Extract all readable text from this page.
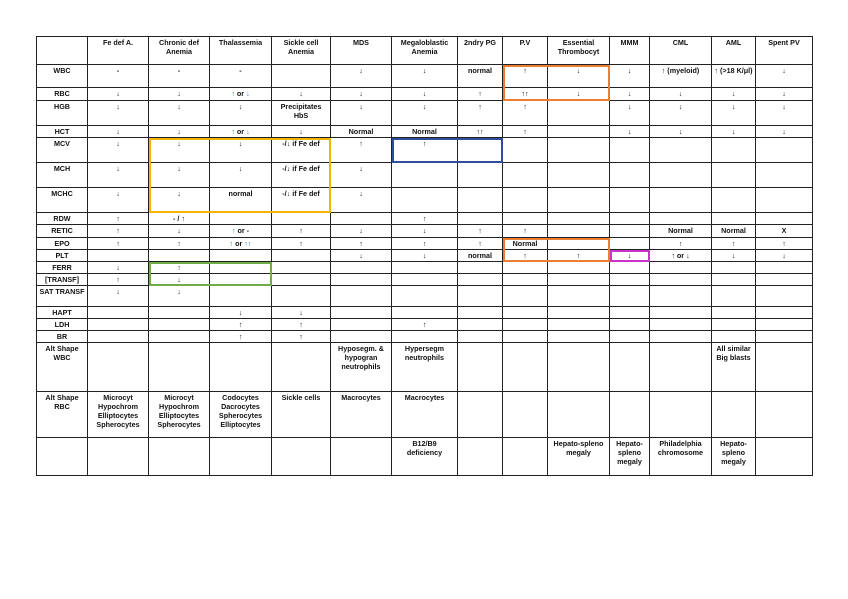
	Fe def A.	Chronic def Anemia	Thalassemia	Sickle cell Anemia	MDS	Megaloblastic Anemia	2ndry PG	P.V	Essential Thrombocyt	MMM	CML	AML	Spent PV
WBC	-	-	-		↓	↓	normal	↑	↓	↓	↑ (myeloid)	↑ (>18 K/μl)	↓
RBC	↓	↓	↑ or ↓	↓	↓	↓	↑	↑↑	↓	↓	↓	↓	↓
HGB	↓	↓	↓	Precipitates HbS	↓	↓	↑	↑		↓	↓	↓	↓
HCT	↓	↓	↑ or ↓	↓	Normal	Normal	↑↑	↑		↓	↓	↓	↓
MCV	↓	↓	↓	-/↓ if Fe def	↑	↑							
MCH	↓	↓	↓	-/↓ if Fe def	↓								
MCHC	↓	↓	normal	-/↓ if Fe def	↓								
RDW	↑	- / ↑				↑							
RETIC	↑	↓	↑ or -	↑	↓	↓	↑	↑			Normal	Normal	X
EPO	↑	↑	↑ or ↑↑	↑	↑	↑	↑	Normal			↑	↑	↑
PLT					↓	↓	normal	↑	↑	↓	↑ or ↓	↓	↓
FERR	↓	↑											
[TRANSF]	↑	↓											
SAT TRANSF	↓	↓											
HAPT			↓	↓									
LDH			↑	↑		↑							
BR			↑	↑									
Alt Shape WBC					Hyposegm. & hypogran neutrophils	Hypersegm neutrophils						All similar Big blasts	
Alt Shape RBC	Microcyt Hypochrom Elliptocytes Spherocytes	Microcyt Hypochrom Elliptocytes Spherocytes	Codocytes Dacrocytes Spherocytes Elliptocytes	Sickle cells	Macrocytes	Macrocytes							
						B12/B9 deficiency			Hepato-spleno megaly	Hepato-spleno megaly	Philadelphia chromosome	Hepato-spleno megaly	
